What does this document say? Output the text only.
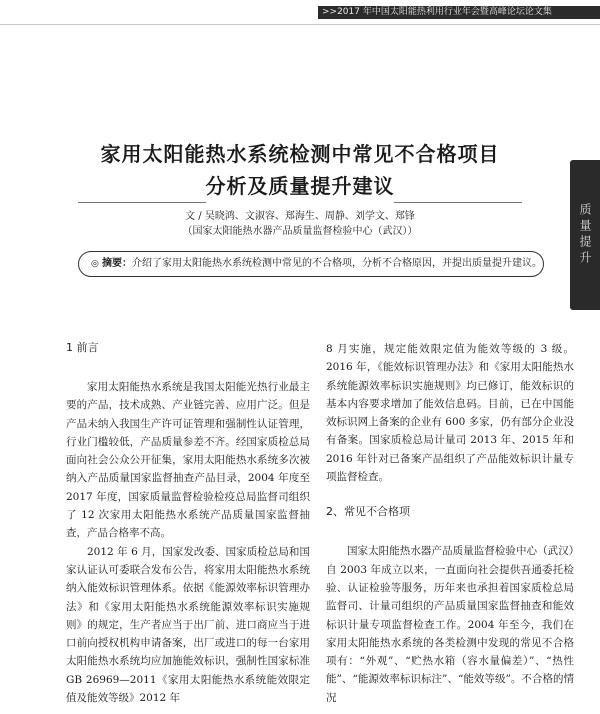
>>2017 年中国太阳能热利用行业年会暨高峰论坛论文集
质量提升
家用太阳能热水系统检测中常见不合格项目
分析及质量提升建议
文 / 吴晓鸿、文淑容、郑海生、周静、刘学文、郑锋
（国家太阳能热水器产品质量监督检验中心（武汉））
◎ 摘要：介绍了家用太阳能热水系统检测中常见的不合格项，分析不合格原因，并提出质量提升建议。
1 前言

家用太阳能热水系统是我国太阳能光热行业最主要的产品，技术成熟、产业链完善、应用广泛。但是产品未纳入我国生产许可证管理和强制性认证管理，行业门槛较低，产品质量参差不齐。经国家质检总局面向社会公众公开征集，家用太阳能热水系统多次被纳入产品质量国家监督抽查产品目录，2004 年度至 2017 年度，国家质量监督检验检疫总局监督司组织了 12 次家用太阳能热水系统产品质量国家监督抽查，产品合格率不高。

2012 年 6 月，国家发改委、国家质检总局和国家认证认可委联合发布公告，将家用太阳能热水系统纳入能效标识管理体系。依据《能源效率标识管理办法》和《家用太阳能热水系统能源效率标识实施规则》的规定，生产者应当于出厂前、进口商应当于进口前向授权机构申请备案，出厂或进口的每一台家用太阳能热水系统均应加施能效标识，强制性国家标准 GB 26969—2011《家用太阳能热水系统能效限定值及能效等级》2012 年

8 月实施，规定能效限定值为能效等级的 3 级。2016 年，《能效标识管理办法》和《家用太阳能热水系统能源效率标识实施规则》均已修订，能效标识的基本内容要求增加了能效信息码。目前，已在中国能效标识网上备案的企业有 600 多家，仍有部分企业没有备案。国家质检总局计量司 2013 年、2015 年和 2016 年针对已备案产品组织了产品能效标识计量专项监督检查。

2、常见不合格项

国家太阳能热水器产品质量监督检验中心（武汉）自 2003 年成立以来，一直面向社会提供吾通委托检验、认证检验等服务，历年来也承担着国家质检总局监督司、计量司组织的产品质量国家监督抽查和能效标识计量专项监督检查工作。2004 年至今，我们在家用太阳能热水系统的各类检测中发现的常见不合格项有：“外观”、“贮热水箱（容水量偏差）”、“热性能”、“能源效率标识标注”、“能效等级”。不合格的情况
